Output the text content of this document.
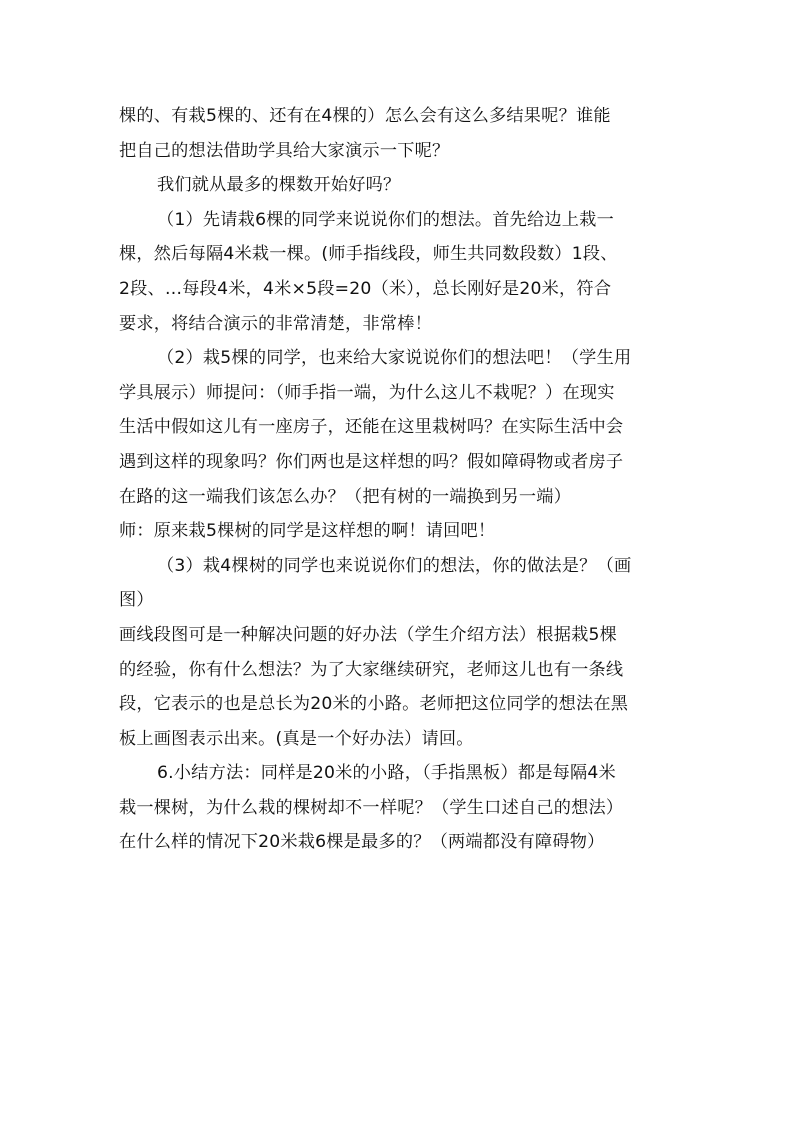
棵的、有栽5棵的、还有在4棵的）怎么会有这么多结果呢？谁能
把自己的想法借助学具给大家演示一下呢？
我们就从最多的棵数开始好吗？
（1）先请栽6棵的同学来说说你们的想法。首先给边上栽一
棵，然后每隔4米栽一棵。(师手指线段，师生共同数段数）1段、
2段、…每段4米，4米×5段=20（米），总长刚好是20米，符合
要求，将结合演示的非常清楚，非常棒！
（2）栽5棵的同学，也来给大家说说你们的想法吧！（学生用
学具展示）师提问：（师手指一端，为什么这儿不栽呢？）在现实
生活中假如这儿有一座房子，还能在这里栽树吗？在实际生活中会
遇到这样的现象吗？你们两也是这样想的吗？假如障碍物或者房子
在路的这一端我们该怎么办？（把有树的一端换到另一端）
师：原来栽5棵树的同学是这样想的啊！请回吧！
（3）栽4棵树的同学也来说说你们的想法，你的做法是？（画
图）
画线段图可是一种解决问题的好办法（学生介绍方法）根据栽5棵
的经验，你有什么想法？为了大家继续研究，老师这儿也有一条线
段，它表示的也是总长为20米的小路。老师把这位同学的想法在黑
板上画图表示出来。(真是一个好办法）请回。
6.小结方法：同样是20米的小路，（手指黑板）都是每隔4米
栽一棵树，为什么栽的棵树却不一样呢？（学生口述自己的想法）
在什么样的情况下20米栽6棵是最多的？（两端都没有障碍物）
